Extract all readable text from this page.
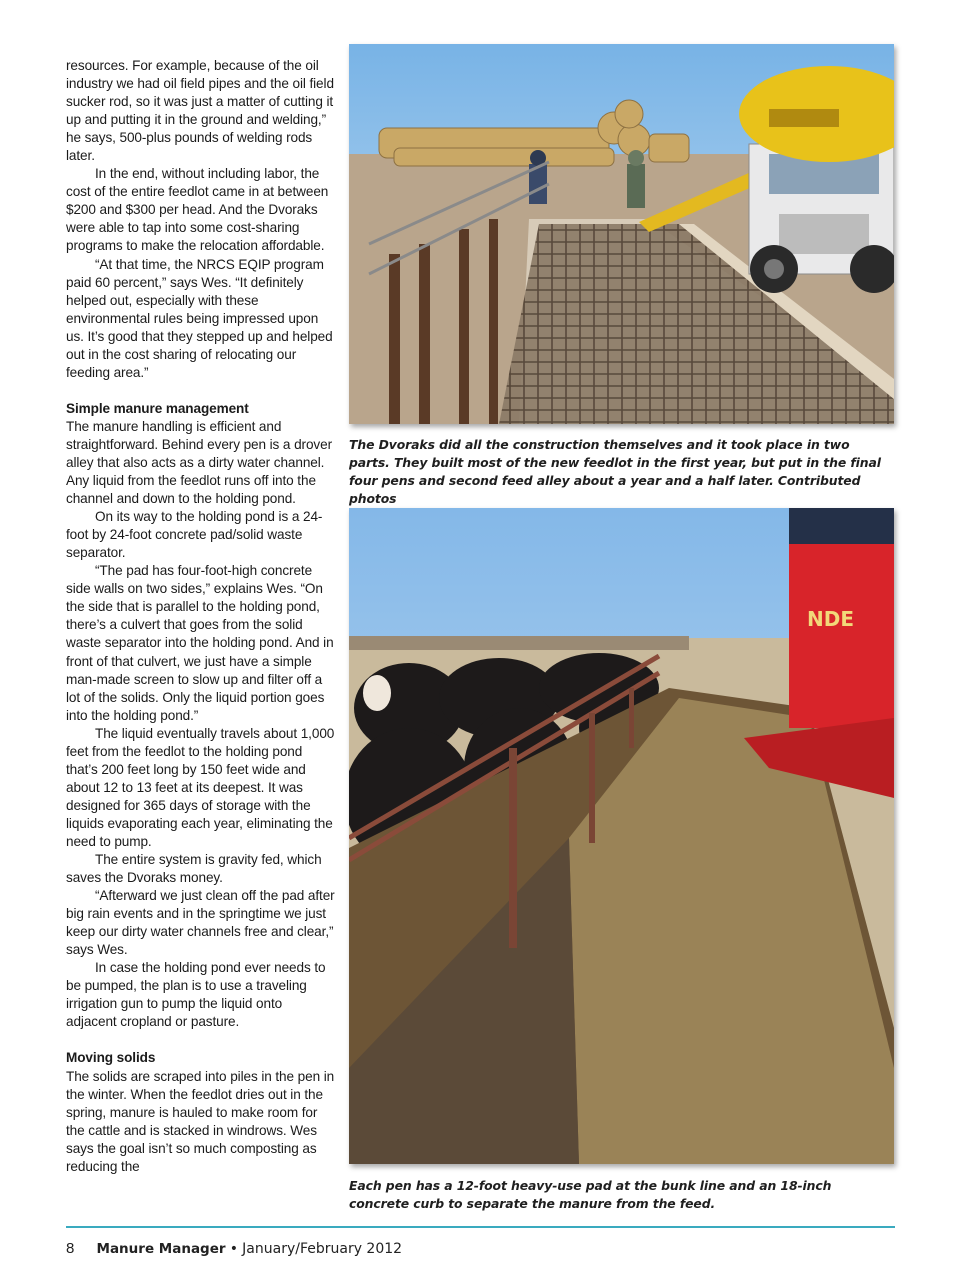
resources. For example, because of the oil industry we had oil field pipes and the oil field sucker rod, so it was just a matter of cutting it up and putting it in the ground and welding,” he says, 500-plus pounds of welding rods later.

In the end, without including labor, the cost of the entire feedlot came in at between $200 and $300 per head. And the Dvoraks were able to tap into some cost-sharing programs to make the relocation affordable.

“At that time, the NRCS EQIP program paid 60 percent,” says Wes. “It definitely helped out, especially with these environmental rules being impressed upon us. It’s good that they stepped up and helped out in the cost sharing of relocating our feeding area.”

Simple manure management

The manure handling is efficient and straightforward. Behind every pen is a drover alley that also acts as a dirty water channel. Any liquid from the feedlot runs off into the channel and down to the holding pond.

On its way to the holding pond is a 24-foot by 24-foot concrete pad/solid waste separator.

“The pad has four-foot-high concrete side walls on two sides,” explains Wes. “On the side that is parallel to the holding pond, there’s a culvert that goes from the solid waste separator into the holding pond. And in front of that culvert, we just have a simple man-made screen to slow up and filter off a lot of the solids. Only the liquid portion goes into the holding pond.”

The liquid eventually travels about 1,000 feet from the feedlot to the holding pond that’s 200 feet long by 150 feet wide and about 12 to 13 feet at its deepest. It was designed for 365 days of storage with the liquids evaporating each year, eliminating the need to pump.

The entire system is gravity fed, which saves the Dvoraks money.

“Afterward we just clean off the pad after big rain events and in the springtime we just keep our dirty water channels free and clear,” says Wes.

In case the holding pond ever needs to be pumped, the plan is to use a traveling irrigation gun to pump the liquid onto adjacent cropland or pasture.

Moving solids

The solids are scraped into piles in the pen in the winter. When the feedlot dries out in the spring, manure is hauled to make room for the cattle and is stacked in windrows. Wes says the goal isn’t so much composting as reducing the

The Dvoraks did all the construction themselves and it took place in two parts. They built most of the new feedlot in the first year, but put in the final four pens and second feed alley about a year and a half later. Contributed photos
NDE
Each pen has a 12-foot heavy-use pad at the bunk line and an 18-inch concrete curb to separate the manure from the feed.
8 Manure Manager • January/February 2012
